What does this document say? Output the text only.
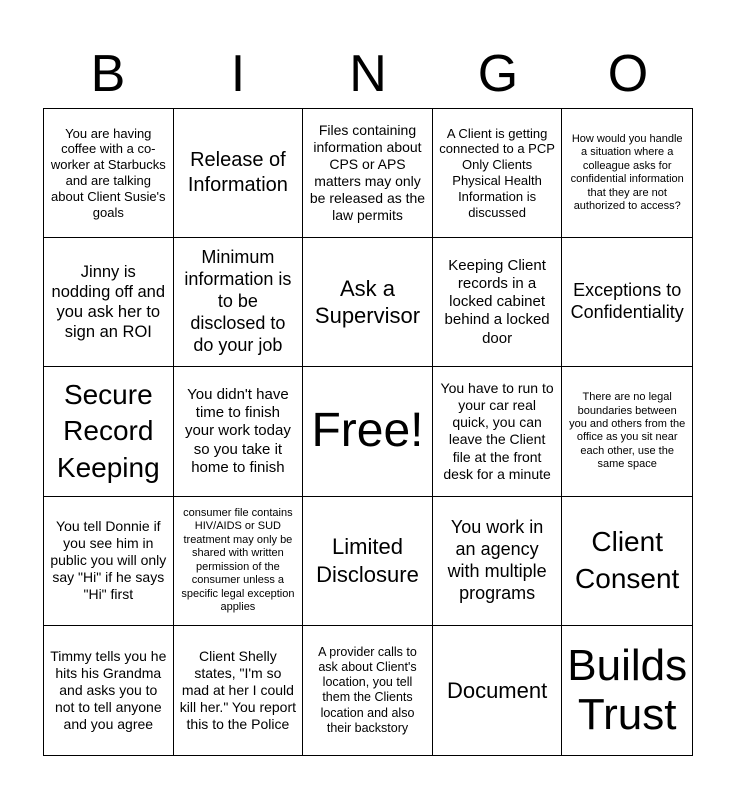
B	I	N	G	O
You are having coffee with a co-worker at Starbucks and are talking about Client Susie's goals
Release of Information
Files containing information about CPS or APS matters may only be released as the law permits
A Client is getting connected to a PCP
Only Clients Physical Health Information is discussed
How would you handle a situation where a colleague asks for confidential information that they are not authorized to access?
Jinny is nodding off and you ask her to sign an ROI
Minimum information is to be disclosed to do your job
Ask a Supervisor
Keeping Client records in a locked cabinet behind a locked door
Exceptions to Confidentiality
Secure Record Keeping
You didn't have time to finish your work today so you take it home to finish
Free!
You have to run to your car real quick, you can leave the Client file at the front desk for a minute
There are no legal boundaries between you and others from the office as you sit near each other, use the same space
You tell Donnie if you see him in public you will only say "Hi" if he says "Hi" first
consumer file contains HIV/AIDS or SUD treatment may only be shared with written permission of the consumer unless a specific legal exception applies
Limited Disclosure
You work in an agency with multiple programs
Client Consent
Timmy tells you he hits his Grandma and asks you to not to tell anyone and you agree
Client Shelly states, "I'm so mad at her I could kill her." You report this to the Police
A provider calls to ask about Client's location, you tell them the Clients location and also their backstory
Document
Builds Trust
